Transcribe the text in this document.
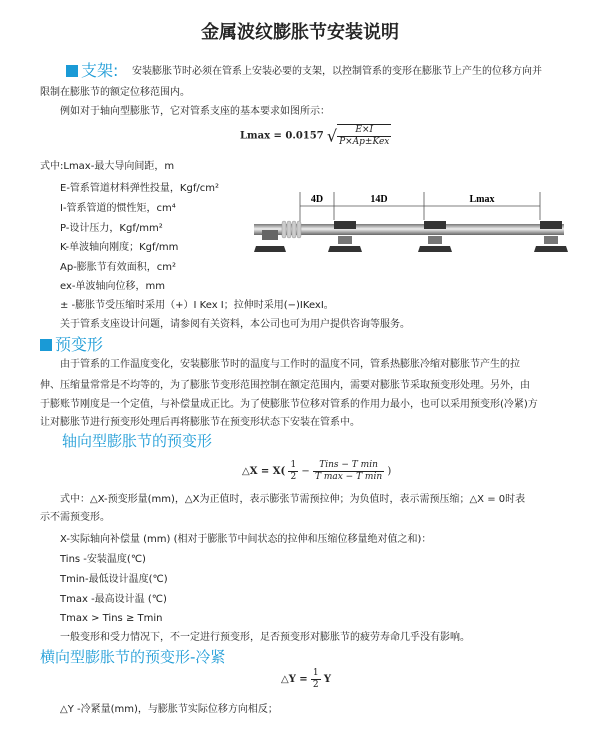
金属波纹膨胀节安装说明
支架: 安装膨胀节时必须在管系上安装必要的支架，以控制管系的变形在膨胀节上产生的位移方向并
限制在膨胀节的额定位移范围内。
例如对于轴向型膨胀节，它对管系支座的基本要求如图所示：
Lmax = 0.0157 √ $\frac{E\times I}{\text{P×Ap±Kex}}$
式中:Lmax-最大导向间距，m
E-管系管道材料弹性投量，Kgf/cm²
I-管系管道的惯性矩，cm⁴
P-设计压力，Kgf/mm²
K-单波轴向刚度；Kgf/mm
Ap-膨胀节有效面积，cm²
ex-单波轴向位移，mm
± -膨胀节受压缩时采用（+）I Kex I；拉伸时采用(−)IKexI。
关于管系支座设计问题，请参阅有关资料，本公司也可为用户提供咨询等服务。
4D	14D	Lmax
预变形
由于管系的工作温度变化，安装膨胀节时的温度与工作时的温度不同，管系热膨胀冷缩对膨胀节产生的拉
伸、压缩量常常是不均等的，为了膨胀节变形范围控制在额定范围内，需要对膨胀节采取预变形处理。另外，由
于膨账节刚度是一个定值，与补偿量成正比。为了使膨胀节位移对管系的作用力最小，也可以采用预变形(冷紧)方
让对膨胀节进行预变形处理后再将膨胀节在预变形状态下安装在管系中。
轴向型膨胀节的预变形
△X = $X( \frac{1}{2} - \frac{\text{Tins − T min}}{\text{T max − T min}}$ )
式中：△X-预变形量(mm)，△X为正值时，表示膨张节需预拉伸；为负值时，表示需预压缩；△X = 0时表
示不需预变形。
X-实际轴向补偿量 (mm) (相对于膨胀节中间状态的拉伸和压缩位移量绝对值之和)：
Tins -安装温度(℃)
Tmin-最低设计温度(℃)
Tmax -最高设计温 (℃)
Tmax > Tins ≥ Tmin
一般变形和受力情况下，不一定进行预变形，足否预变形对膨胀节的疲劳寿命几乎没有影响。
横向型膨胀节的预变形-冷紧
△Y = $\frac{1}{2}$ Y
△Y -冷紧量(mm)，与膨胀节实际位移方向相反；
